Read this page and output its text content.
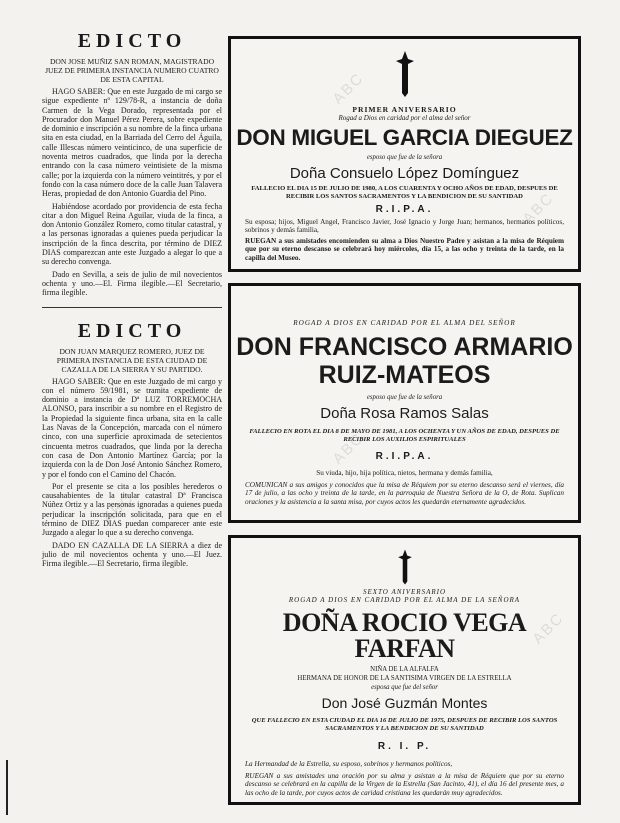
EDICTO

DON JOSE MUÑIZ SAN ROMAN, MAGISTRADO JUEZ DE PRIMERA INSTANCIA NUMERO CUATRO DE ESTA CAPITAL

HAGO SABER: Que en este Juzgado de mi cargo se sigue expediente nº 129/78-R, a instancia de doña Carmen de la Vega Dorado, representada por el Procurador don Manuel Pérez Perera, sobre expediente de dominio e inscripción a su nombre de la finca urbana sita en esta ciudad, en la Barriada del Cerro del Águila, calle Illescas número veinticinco, de una superficie de noventa metros cuadrados, que linda por la derecha entrando con la casa número veintisiete de la misma calle; por la izquierda con la número veintitrés, y por el fondo con la casa número doce de la calle Juan Talavera Heras, propiedad de don Antonio Guardia del Pino.

Habiéndose acordado por providencia de esta fecha citar a don Miguel Reina Aguilar, viuda de la finca, a don Antonio González Romero, como titular catastral, y a las personas ignoradas a quienes pueda perjudicar la inscripción de la finca descrita, por término de DIEZ DIAS comparezcan ante este Juzgado a alegar lo que a su derecho convenga.

Dado en Sevilla, a seis de julio de mil novecientos ochenta y uno.—El. Firma ilegible.—El Secretario, firma ilegible.

EDICTO

DON JUAN MARQUEZ ROMERO, JUEZ DE PRIMERA INSTANCIA DE ESTA CIUDAD DE CAZALLA DE LA SIERRA Y SU PARTIDO.

HAGO SABER: Que en este Juzgado de mi cargo y con el número 59/1981, se tramita expediente de dominio a instancia de Dª LUZ TORREMOCHA ALONSO, para inscribir a su nombre en el Registro de la Propiedad la siguiente finca urbana, sita en la calle Las Navas de la Concepción, marcada con el número cinco, con una superficie aproximada de setecientos cincuenta metros cuadrados, que linda por la derecha con casa de Don Antonio Martínez García; por la izquierda con la de Don José Antonio Sánchez Romero, y por el fondo con el Camino del Chacón.

Por el presente se cita a los posibles herederos o causahabientes de la titular catastral Dª Francisca Núñez Ortiz y a las personas ignoradas a quienes pueda perjudicar la inscripción solicitada, para que en el término de DIEZ DIAS puedan comparecer ante este Juzgado a alegar lo que a su derecho convenga.

DADO EN CAZALLA DE LA SIERRA a diez de julio de mil novecientos ochenta y uno.—El Juez. Firma ilegible.—El Secretario, firma ilegible.

PRIMER ANIVERSARIO
Rogad a Dios en caridad por el alma del señor
DON MIGUEL GARCIA DIEGUEZ
esposo que fue de la señora
Doña Consuelo López Domínguez

FALLECIO EL DIA 15 DE JULIO DE 1980, A LOS CUARENTA Y OCHO AÑOS DE EDAD, DESPUES DE RECIBIR LOS SANTOS SACRAMENTOS Y LA BENDICION DE SU SANTIDAD

R.I.P.A.

Su esposa; hijos, Miguel Angel, Francisco Javier, José Ignacio y Jorge Juan; hermanos, hermanos políticos, sobrinos y demás familia,

RUEGAN a sus amistades encomienden su alma a Dios Nuestro Padre y asistan a la misa de Réquiem que por su eterno descanso se celebrará hoy miércoles, día 15, a las ocho y treinta de la tarde, en la capilla del Museo.

ROGAD A DIOS EN CARIDAD POR EL ALMA DEL SEÑOR
DON FRANCISCO ARMARIO
RUIZ-MATEOS
esposo que fue de la señora
Doña Rosa Ramos Salas

FALLECIO EN ROTA EL DIA 8 DE MAYO DE 1981, A LOS OCHENTA Y UN AÑOS DE EDAD, DESPUES DE RECIBIR LOS AUXILIOS ESPIRITUALES

R.I.P.A.

Su viuda, hijo, hija política, nietos, hermana y demás familia,

COMUNICAN a sus amigos y conocidos que la misa de Réquiem por su eterno descanso será el viernes, día 17 de julio, a las ocho y treinta de la tarde, en la parroquia de Nuestra Señora de la O, de Rota. Suplican oraciones y la asistencia a la santa misa, por cuyos actos les quedarán eternamente agradecidos.

SEXTO ANIVERSARIO
ROGAD A DIOS EN CARIDAD POR EL ALMA DE LA SEÑORA
DOÑA ROCIO VEGA FARFAN
NIÑA DE LA ALFALFA
HERMANA DE HONOR DE LA SANTISIMA VIRGEN DE LA ESTRELLA
esposa que fue del señor
Don José Guzmán Montes

QUE FALLECIO EN ESTA CIUDAD EL DIA 16 DE JULIO DE 1975, DESPUES DE RECIBIR LOS SANTOS SACRAMENTOS Y LA BENDICION DE SU SANTIDAD

R. I. P.

La Hermandad de la Estrella, su esposo, sobrinos y hermanos políticos,

RUEGAN a sus amistades una oración por su alma y asistan a la misa de Réquiem que por su eterno descanso se celebrará en la capilla de la Virgen de la Estrella (San Jacinto, 41), el día 16 del presente mes, a las ocho de la tarde, por cuyos actos de caridad cristiana les quedarán muy agradecidos.

ABC
